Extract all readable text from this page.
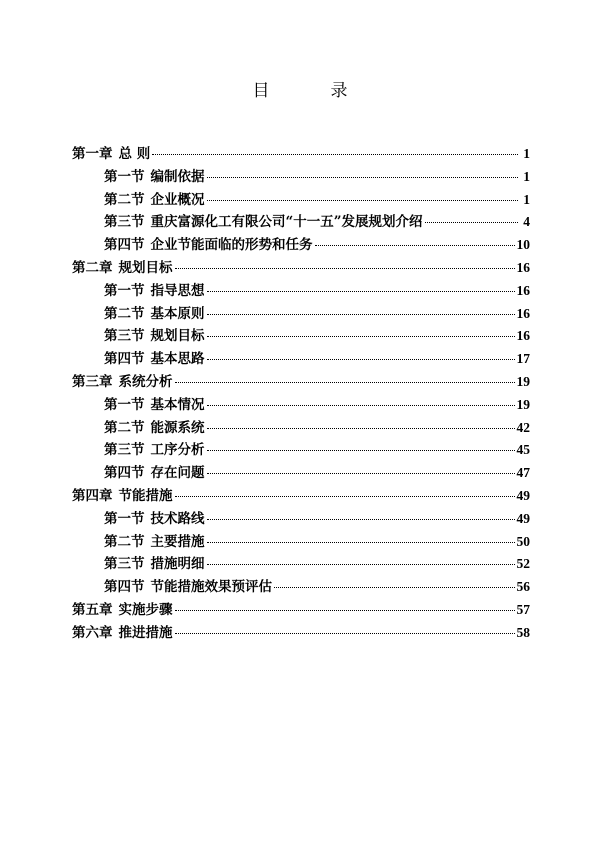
目　录
第一章 总 则	1
第一节 编制依据	1
第二节 企业概况	1
第三节 重庆富源化工有限公司“十一五”发展规划介绍	4
第四节 企业节能面临的形势和任务	10
第二章 规划目标	16
第一节 指导思想	16
第二节 基本原则	16
第三节 规划目标	16
第四节 基本思路	17
第三章 系统分析	19
第一节 基本情况	19
第二节 能源系统	42
第三节 工序分析	45
第四节 存在问题	47
第四章 节能措施	49
第一节 技术路线	49
第二节 主要措施	50
第三节 措施明细	52
第四节 节能措施效果预评估	56
第五章 实施步骤	57
第六章 推进措施	58
